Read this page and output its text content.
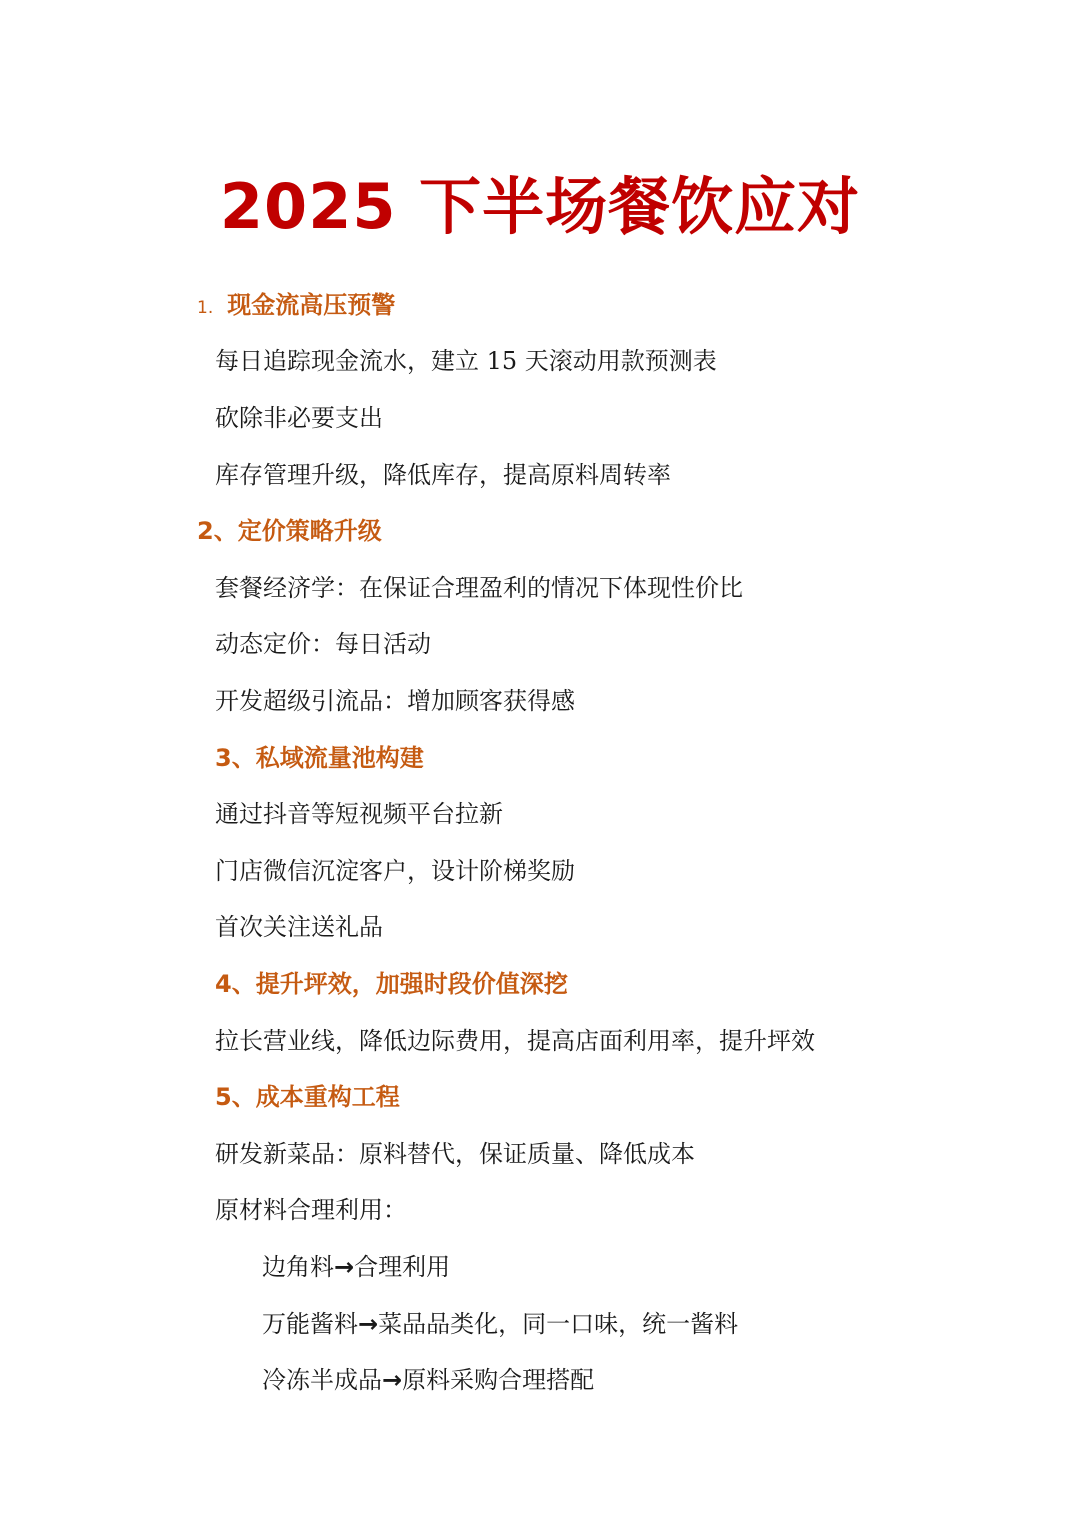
2025 下半场餐饮应对
1. 现金流高压预警
每日追踪现金流水，建立 15 天滚动用款预测表
砍除非必要支出
库存管理升级，降低库存，提高原料周转率
2、定价策略升级
套餐经济学：在保证合理盈利的情况下体现性价比
动态定价：每日活动
开发超级引流品：增加顾客获得感
3、私域流量池构建
通过抖音等短视频平台拉新
门店微信沉淀客户，设计阶梯奖励
首次关注送礼品
4、提升坪效，加强时段价值深挖
拉长营业线，降低边际费用，提高店面利用率，提升坪效
5、成本重构工程
研发新菜品：原料替代，保证质量、降低成本
原材料合理利用：
边角料→合理利用
万能酱料→菜品品类化，同一口味，统一酱料
冷冻半成品→原料采购合理搭配
